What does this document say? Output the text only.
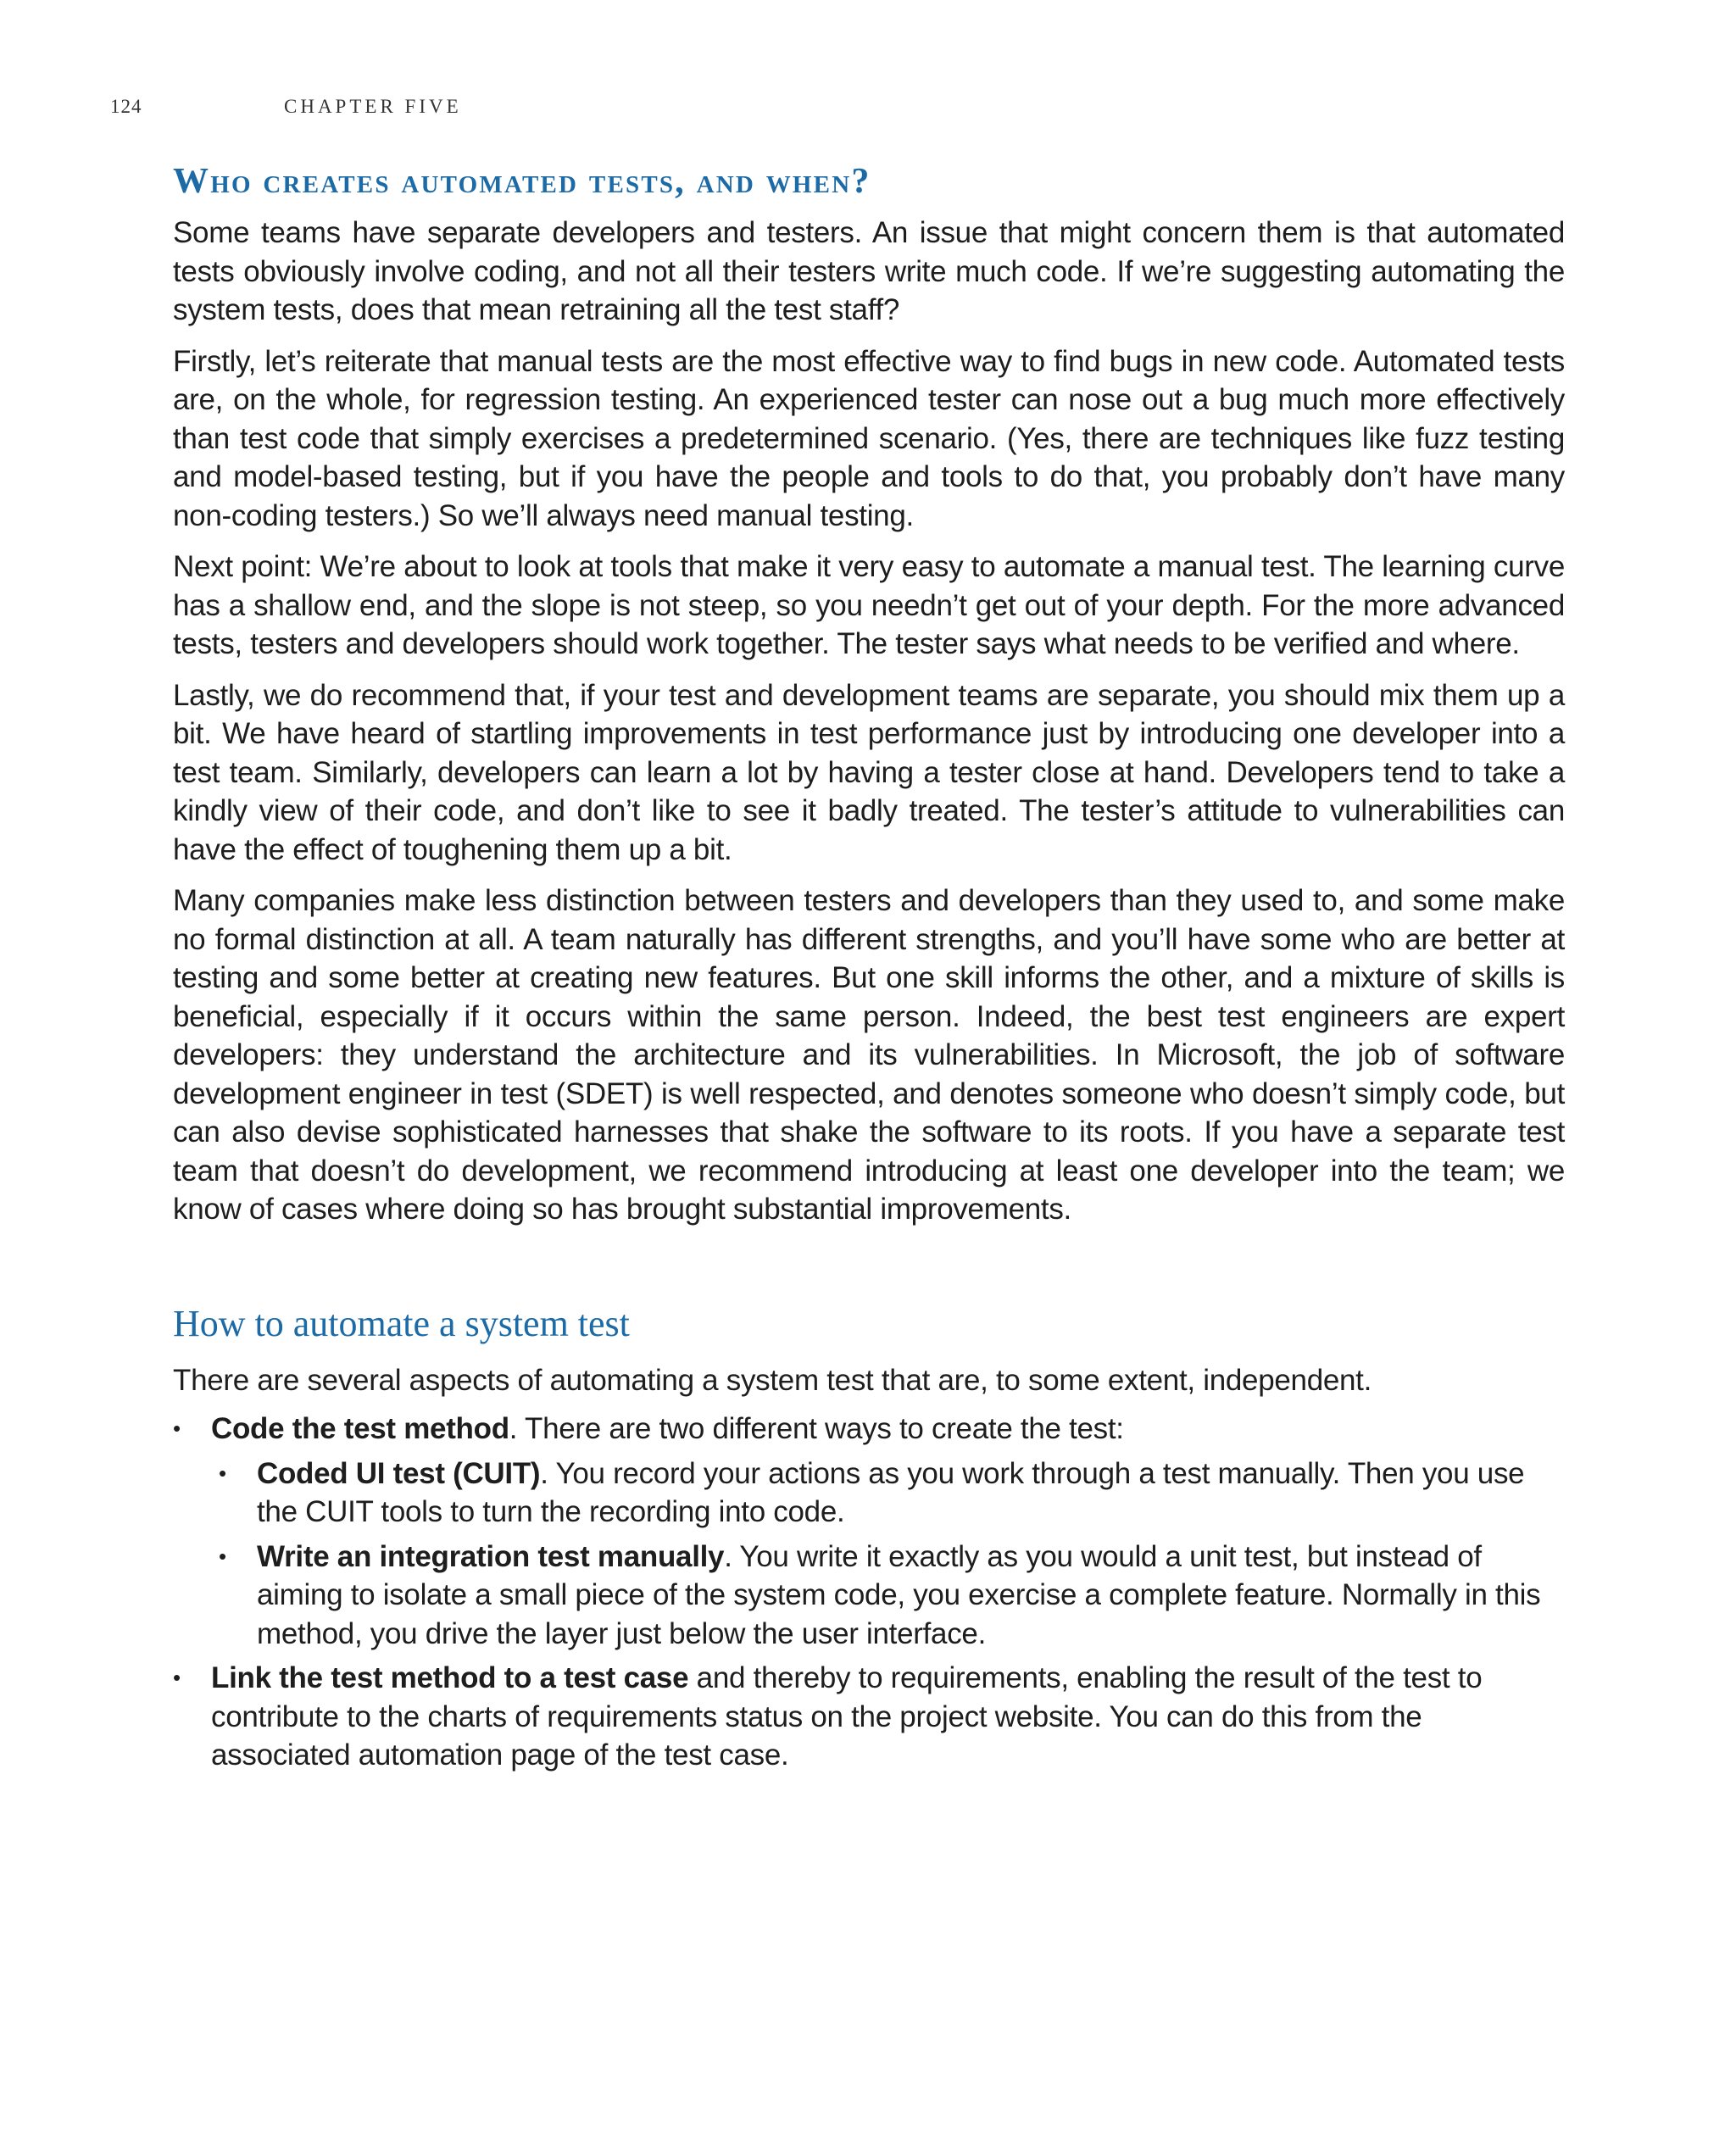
124	CHAPTER FIVE
Who creates automated tests, and when?

Some teams have separate developers and testers. An issue that might concern them is that automated tests obviously involve coding, and not all their testers write much code. If we’re suggesting automating the system tests, does that mean retraining all the test staff?

Firstly, let’s reiterate that manual tests are the most effective way to find bugs in new code. Automated tests are, on the whole, for regression testing. An experienced tester can nose out a bug much more effectively than test code that simply exercises a predetermined scenario. (Yes, there are techniques like fuzz testing and model-based testing, but if you have the people and tools to do that, you probably don’t have many non-coding testers.) So we’ll always need manual testing.

Next point: We’re about to look at tools that make it very easy to automate a manual test. The learning curve has a shallow end, and the slope is not steep, so you needn’t get out of your depth. For the more advanced tests, testers and developers should work together. The tester says what needs to be verified and where.

Lastly, we do recommend that, if your test and development teams are separate, you should mix them up a bit. We have heard of startling improvements in test performance just by introducing one developer into a test team. Similarly, developers can learn a lot by having a tester close at hand. Developers tend to take a kindly view of their code, and don’t like to see it badly treated. The tester’s attitude to vulnerabilities can have the effect of toughening them up a bit.

Many companies make less distinction between testers and developers than they used to, and some make no formal distinction at all. A team naturally has different strengths, and you’ll have some who are better at testing and some better at creating new features. But one skill informs the other, and a mixture of skills is beneficial, especially if it occurs within the same person. Indeed, the best test engineers are expert developers: they understand the architecture and its vulnerabilities. In Microsoft, the job of software development engineer in test (SDET) is well respected, and denotes someone who doesn’t simply code, but can also devise sophisticated harnesses that shake the software to its roots. If you have a separate test team that doesn’t do development, we recommend introducing at least one developer into the team; we know of cases where doing so has brought substantial improvements.

How to automate a system test

There are several aspects of automating a system test that are, to some extent, independent.

• Code the test method. There are two different ways to create the test:
• Coded UI test (CUIT). You record your actions as you work through a test manually. Then you use the CUIT tools to turn the recording into code.
• Write an integration test manually. You write it exactly as you would a unit test, but instead of aiming to isolate a small piece of the system code, you exercise a complete feature. Normally in this method, you drive the layer just below the user interface.
• Link the test method to a test case and thereby to requirements, enabling the result of the test to contribute to the charts of requirements status on the project website. You can do this from the associated automation page of the test case.
